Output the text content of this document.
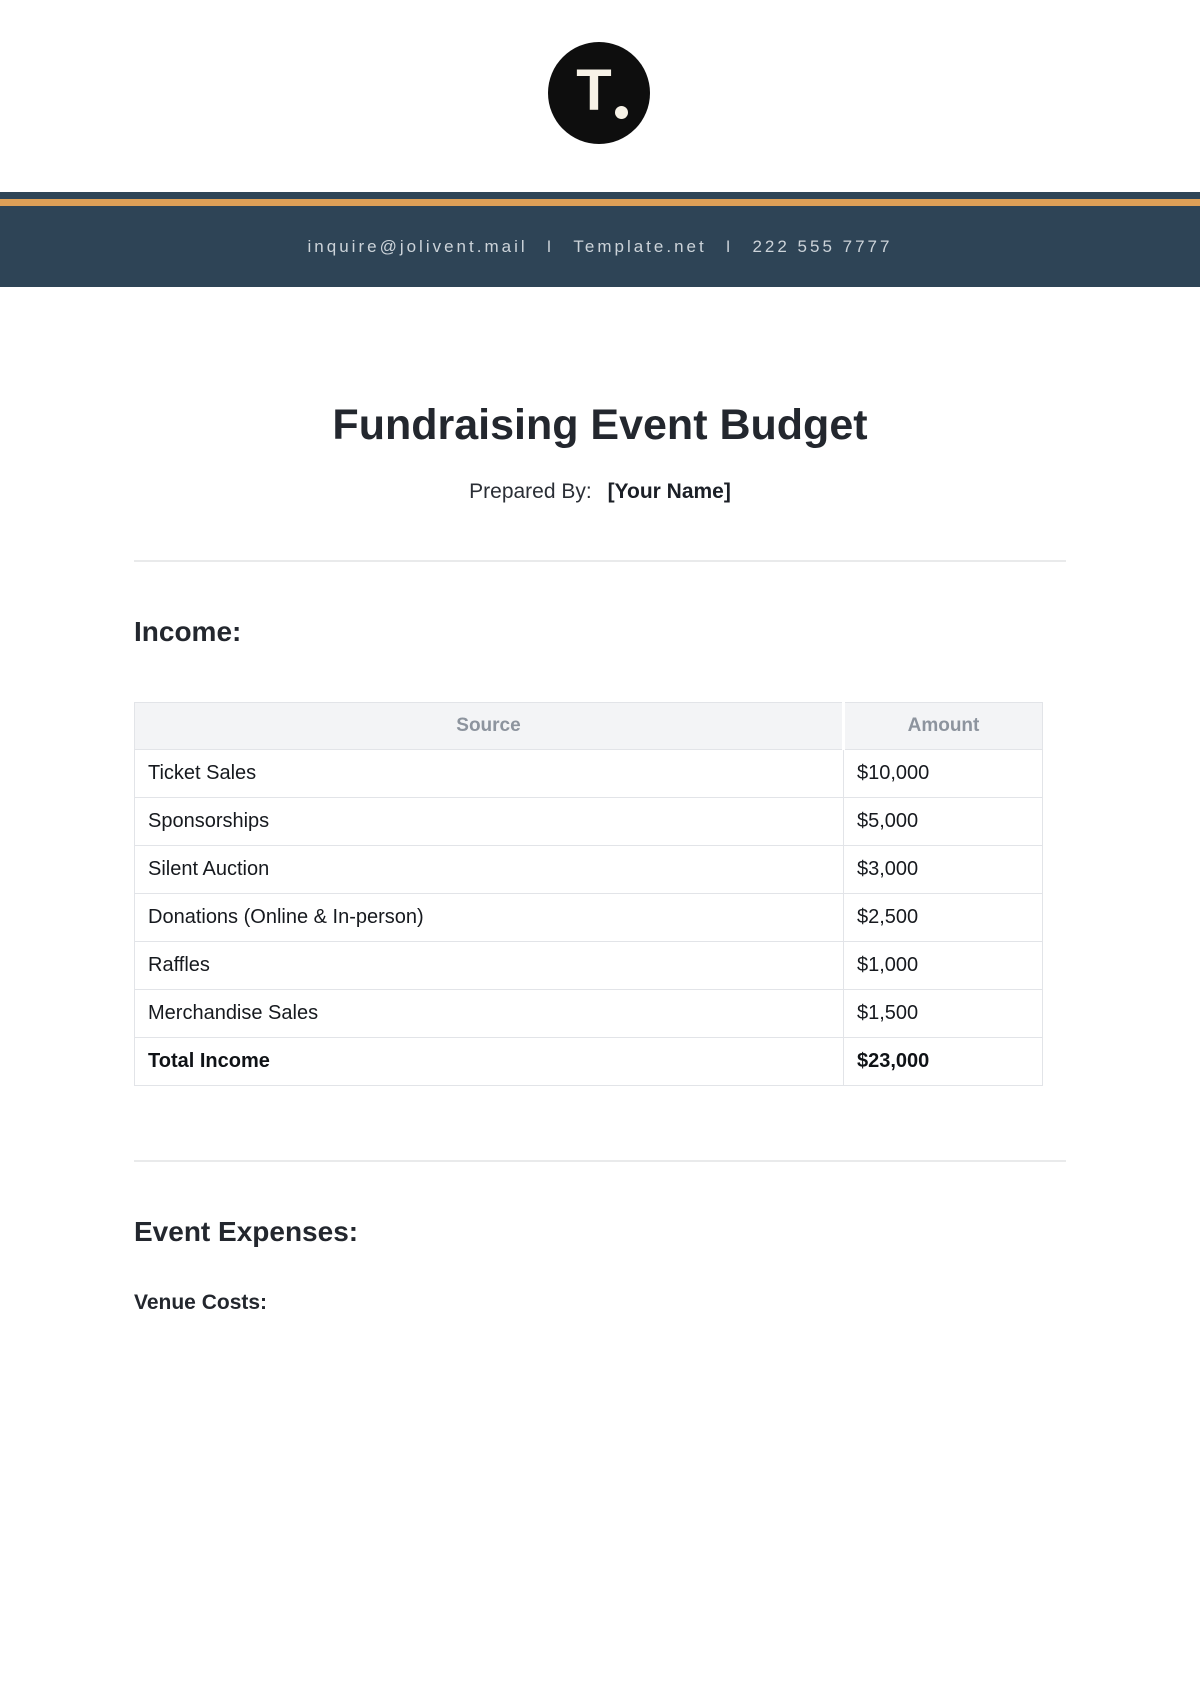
T
inquire@jolivent.mail I Template.net I 222 555 7777
Fundraising Event Budget
Prepared By: [Your Name]
Income:
Source	Amount
Ticket Sales	$10,000
Sponsorships	$5,000
Silent Auction	$3,000
Donations (Online & In-person)	$2,500
Raffles	$1,000
Merchandise Sales	$1,500
Total Income	$23,000
Event Expenses:
Venue Costs:
